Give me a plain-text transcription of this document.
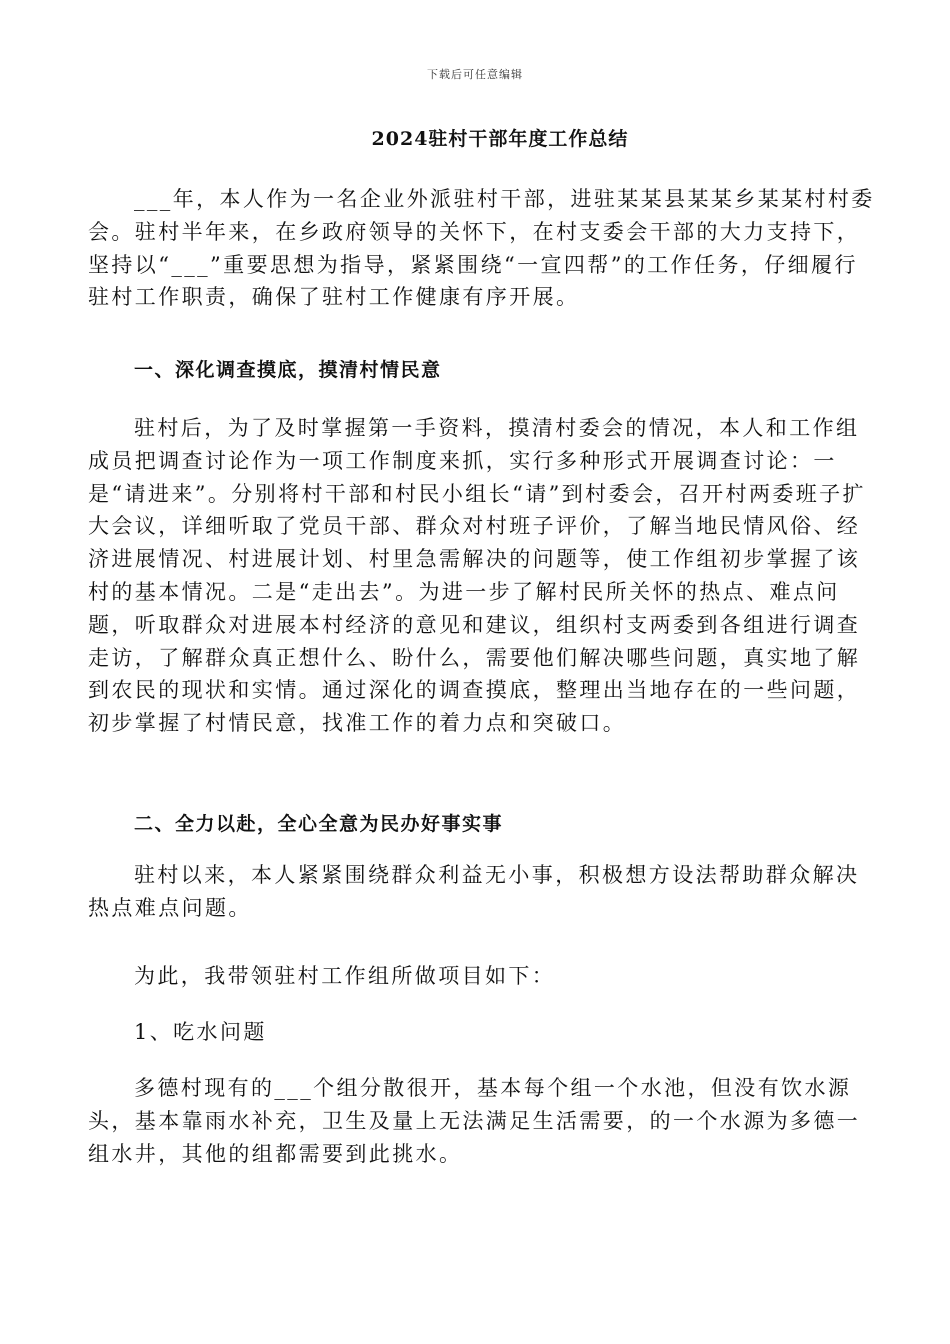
下载后可任意编辑
2024驻村干部年度工作总结

___年，本人作为一名企业外派驻村干部，进驻某某县某某乡某某村村委会。驻村半年来，在乡政府领导的关怀下，在村支委会干部的大力支持下，坚持以“___”重要思想为指导，紧紧围绕“一宣四帮”的工作任务，仔细履行驻村工作职责，确保了驻村工作健康有序开展。

一、深化调查摸底，摸清村情民意

驻村后，为了及时掌握第一手资料，摸清村委会的情况，本人和工作组成员把调查讨论作为一项工作制度来抓，实行多种形式开展调查讨论：一是“请进来”。分别将村干部和村民小组长“请”到村委会，召开村两委班子扩大会议，详细听取了党员干部、群众对村班子评价，了解当地民情风俗、经济进展情况、村进展计划、村里急需解决的问题等，使工作组初步掌握了该村的基本情况。二是“走出去”。为进一步了解村民所关怀的热点、难点问题，听取群众对进展本村经济的意见和建议，组织村支两委到各组进行调查走访，了解群众真正想什么、盼什么，需要他们解决哪些问题，真实地了解到农民的现状和实情。通过深化的调查摸底，整理出当地存在的一些问题，初步掌握了村情民意，找准工作的着力点和突破口。

二、全力以赴，全心全意为民办好事实事

驻村以来，本人紧紧围绕群众利益无小事，积极想方设法帮助群众解决热点难点问题。

为此，我带领驻村工作组所做项目如下：

1、吃水问题

多德村现有的___个组分散很开，基本每个组一个水池，但没有饮水源头，基本靠雨水补充，卫生及量上无法满足生活需要，的一个水源为多德一组水井，其他的组都需要到此挑水。
